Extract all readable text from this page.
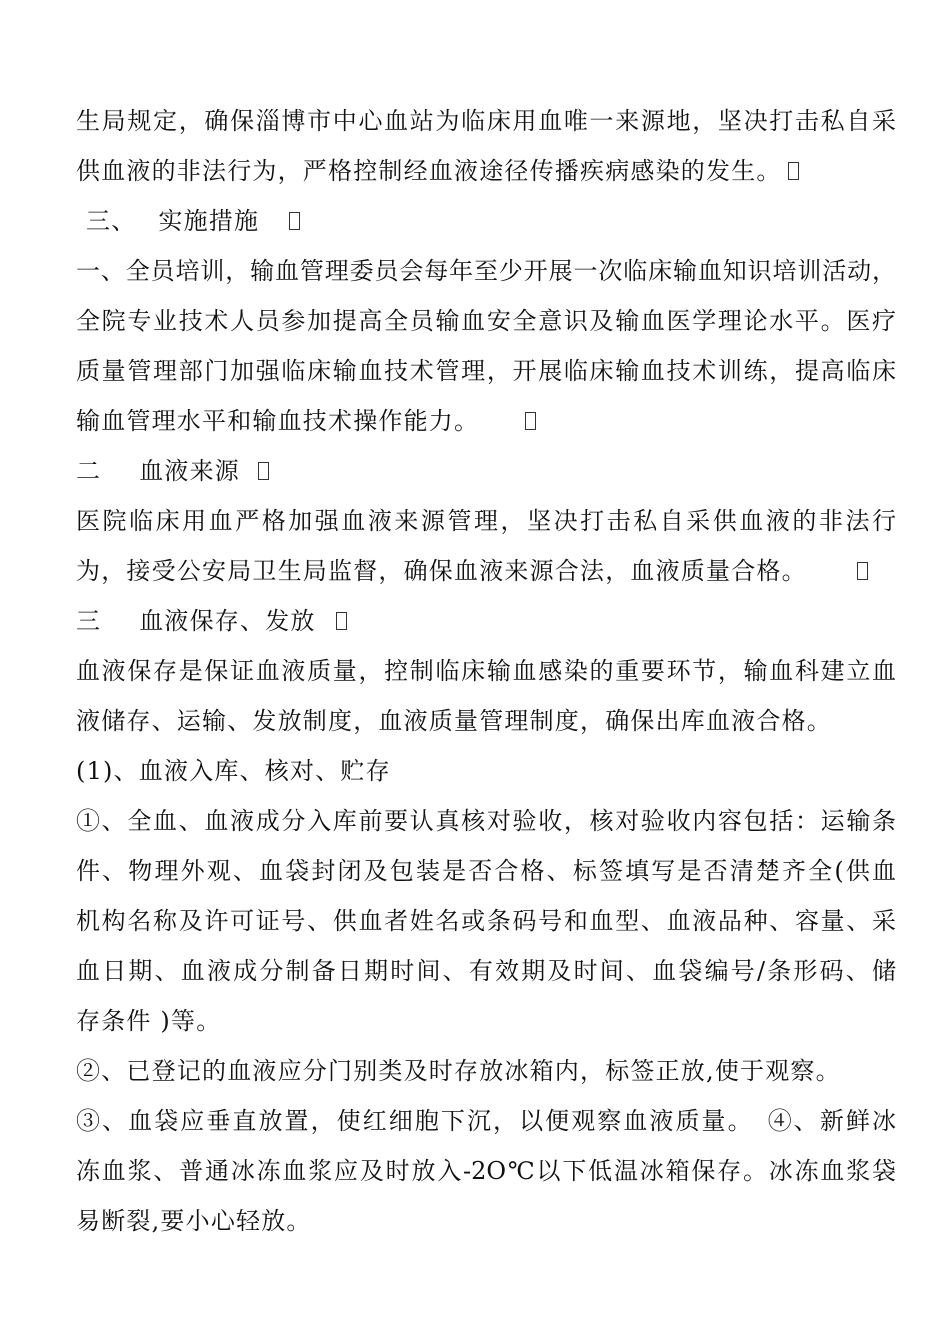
生局规定，确保淄博市中心血站为临床用血唯一来源地，坚决打击私自采
供血液的非法行为，严格控制经血液途径传播疾病感染的发生。
三、 实施措施
一、全员培训，输血管理委员会每年至少开展一次临床输血知识培训活动，
全院专业技术人员参加提高全员输血安全意识及输血医学理论水平。医疗
质量管理部门加强临床输血技术管理，开展临床输血技术训练，提高临床
输血管理水平和输血技术操作能力。
二 血液来源
医院临床用血严格加强血液来源管理，坚决打击私自采供血液的非法行
为，接受公安局卫生局监督，确保血液来源合法，血液质量合格。
三 血液保存、发放
血液保存是保证血液质量，控制临床输血感染的重要环节，输血科建立血
液储存、运输、发放制度，血液质量管理制度，确保出库血液合格。
(1)、血液入库、核对、贮存
①、全血、血液成分入库前要认真核对验收，核对验收内容包括：运输条
件、物理外观、血袋封闭及包装是否合格、标签填写是否清楚齐全(供血
机构名称及许可证号、供血者姓名或条码号和血型、血液品种、容量、采
血日期、血液成分制备日期时间、有效期及时间、血袋编号/条形码、储
存条件 )等。
②、已登记的血液应分门别类及时存放冰箱内，标签正放,使于观察。
③、血袋应垂直放置，使红细胞下沉，以便观察血液质量。　④、新鲜冰
冻血浆、普通冰冻血浆应及时放入-2O℃以下低温冰箱保存。冰冻血浆袋
易断裂,要小心轻放。
